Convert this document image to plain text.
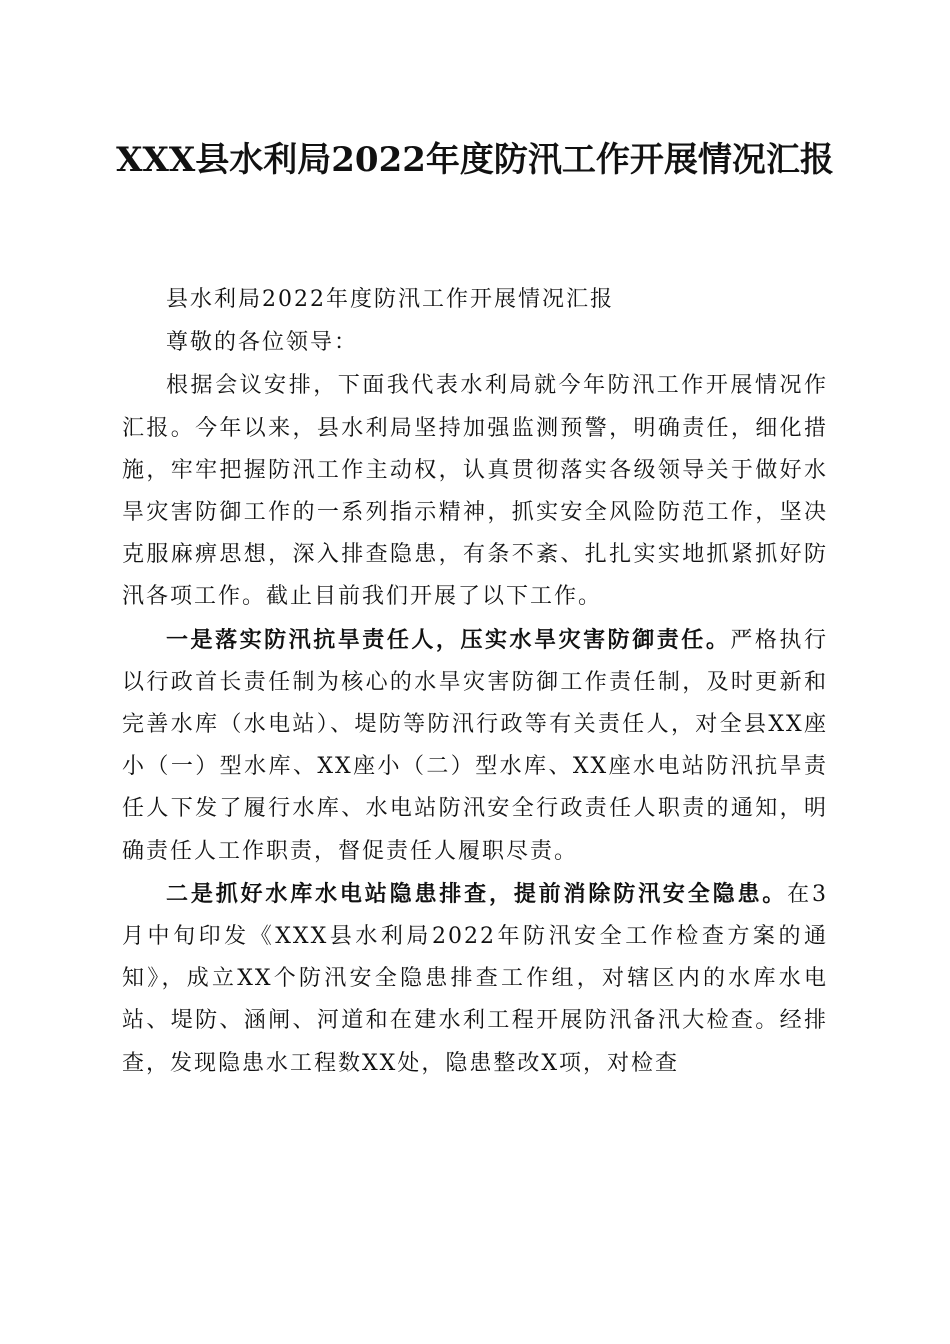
XXX县水利局2022年度防汛工作开展情况汇报

县水利局2022年度防汛工作开展情况汇报

尊敬的各位领导：

根据会议安排，下面我代表水利局就今年防汛工作开展情况作汇报。今年以来，县水利局坚持加强监测预警，明确责任，细化措施，牢牢把握防汛工作主动权，认真贯彻落实各级领导关于做好水旱灾害防御工作的一系列指示精神，抓实安全风险防范工作，坚决克服麻痹思想，深入排查隐患，有条不紊、扎扎实实地抓紧抓好防汛各项工作。截止目前我们开展了以下工作。

一是落实防汛抗旱责任人，压实水旱灾害防御责任。严格执行以行政首长责任制为核心的水旱灾害防御工作责任制，及时更新和完善水库（水电站）、堤防等防汛行政等有关责任人，对全县XX座小（一）型水库、XX座小（二）型水库、XX座水电站防汛抗旱责任人下发了履行水库、水电站防汛安全行政责任人职责的通知，明确责任人工作职责，督促责任人履职尽责。

二是抓好水库水电站隐患排查，提前消除防汛安全隐患。在3月中旬印发《XXX县水利局2022年防汛安全工作检查方案的通知》，成立XX个防汛安全隐患排查工作组，对辖区内的水库水电站、堤防、涵闸、河道和在建水利工程开展防汛备汛大检查。经排查，发现隐患水工程数XX处，隐患整改X项，对检查
